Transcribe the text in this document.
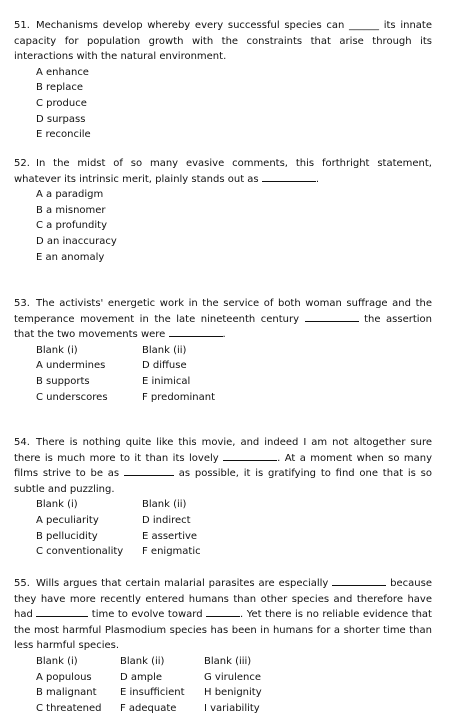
51. Mechanisms develop whereby every successful species can ______ its innate capacity for population growth with the constraints that arise through its interactions with the natural environment.
A enhance
B replace
C produce
D surpass
E reconcile
52. In the midst of so many evasive comments, this forthright statement, whatever its intrinsic merit, plainly stands out as	.
A a paradigm
B a misnomer
C a profundity
D an inaccuracy
E an anomaly
53. The activists' energetic work in the service of both woman suffrage and the temperance movement in the late nineteenth century	the assertion that the two movements were	.
Blank (i)	Blank (ii)
A undermines	D diffuse
B supports	E inimical
C underscores	F predominant
54. There is nothing quite like this movie, and indeed I am not altogether sure there is much more to it than its lovely	. At a moment when so many films strive to be as	as possible, it is gratifying to find one that is so subtle and puzzling.
Blank (i)	Blank (ii)
A peculiarity	D indirect
B pellucidity	E assertive
C conventionality F enigmatic
55. Wills argues that certain malarial parasites are especially	because they have more recently entered humans than other species and therefore have had	time to evolve toward	. Yet there is no reliable evidence that the most harmful Plasmodium species has been in humans for a shorter time than less harmful species.
Blank (i)	Blank (ii)	Blank (iii)
A populous	D ample	G virulence
B malignant E insufficient H benignity
C threatened F adequate	I variability
